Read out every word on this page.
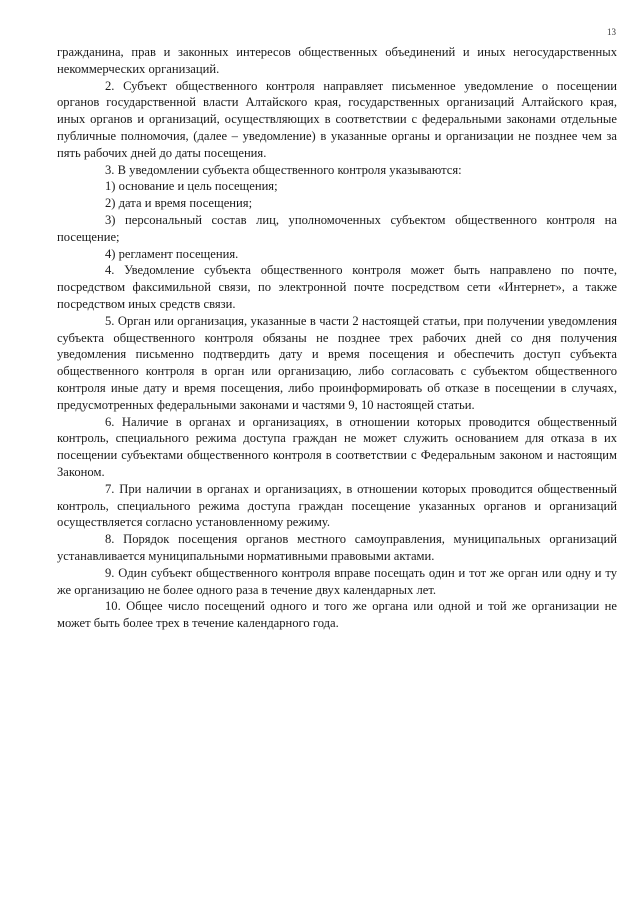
13

гражданина, прав и законных интересов общественных объединений и иных негосударственных некоммерческих организаций.

2. Субъект общественного контроля направляет письменное уведомление о посещении органов государственной власти Алтайского края, государственных организаций Алтайского края, иных органов и организаций, осуществляющих в соответствии с федеральными законами отдельные публичные полномочия, (далее – уведомление) в указанные органы и организации не позднее чем за пять рабочих дней до даты посещения.

3. В уведомлении субъекта общественного контроля указываются:

1) основание и цель посещения;

2) дата и время посещения;

3) персональный состав лиц, уполномоченных субъектом общественного контроля на посещение;

4) регламент посещения.

4. Уведомление субъекта общественного контроля может быть направлено по почте, посредством факсимильной связи, по электронной почте посредством сети «Интернет», а также посредством иных средств связи.

5. Орган или организация, указанные в части 2 настоящей статьи, при получении уведомления субъекта общественного контроля обязаны не позднее трех рабочих дней со дня получения уведомления письменно подтвердить дату и время посещения и обеспечить доступ субъекта общественного контроля в орган или организацию, либо согласовать с субъектом общественного контроля иные дату и время посещения, либо проинформировать об отказе в посещении в случаях, предусмотренных федеральными законами и частями 9, 10 настоящей статьи.

6. Наличие в органах и организациях, в отношении которых проводится общественный контроль, специального режима доступа граждан не может служить основанием для отказа в их посещении субъектами общественного контроля в соответствии с Федеральным законом и настоящим Законом.

7. При наличии в органах и организациях, в отношении которых проводится общественный контроль, специального режима доступа граждан посещение указанных органов и организаций осуществляется согласно установленному режиму.

8. Порядок посещения органов местного самоуправления, муниципальных организаций устанавливается муниципальными нормативными правовыми актами.

9. Один субъект общественного контроля вправе посещать один и тот же орган или одну и ту же организацию не более одного раза в течение двух календарных лет.

10. Общее число посещений одного и того же органа или одной и той же организации не может быть более трех в течение календарного года.
